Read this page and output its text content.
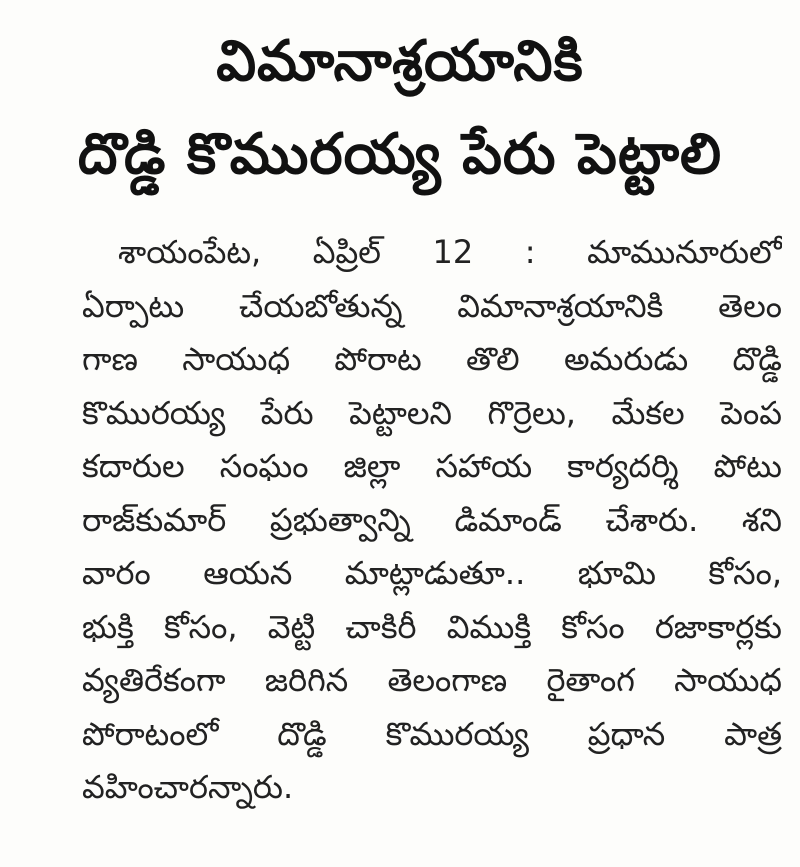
విమానాశ్రయానికి
దొడ్డి కొమురయ్య పేరు పెట్టాలి
శాయంపేట, ఏప్రిల్ 12 : మామునూరులో
ఏర్పాటు చేయబోతున్న విమానాశ్రయానికి తెలం
గాణ సాయుధ పోరాట తొలి అమరుడు దొడ్డి
కొమురయ్య పేరు పెట్టాలని గొర్రెలు, మేకల పెంప
కదారుల సంఘం జిల్లా సహాయ కార్యదర్శి పోటు
రాజ్‌కుమార్ ప్రభుత్వాన్ని డిమాండ్ చేశారు. శని
వారం ఆయన మాట్లాడుతూ.. భూమి కోసం,
భుక్తి కోసం, వెట్టి చాకిరీ విముక్తి కోసం రజాకార్లకు
వ్యతిరేకంగా జరిగిన తెలంగాణ రైతాంగ సాయుధ
పోరాటంలో దొడ్డి కొమురయ్య ప్రధాన పాత్ర
వహించారన్నారు.
